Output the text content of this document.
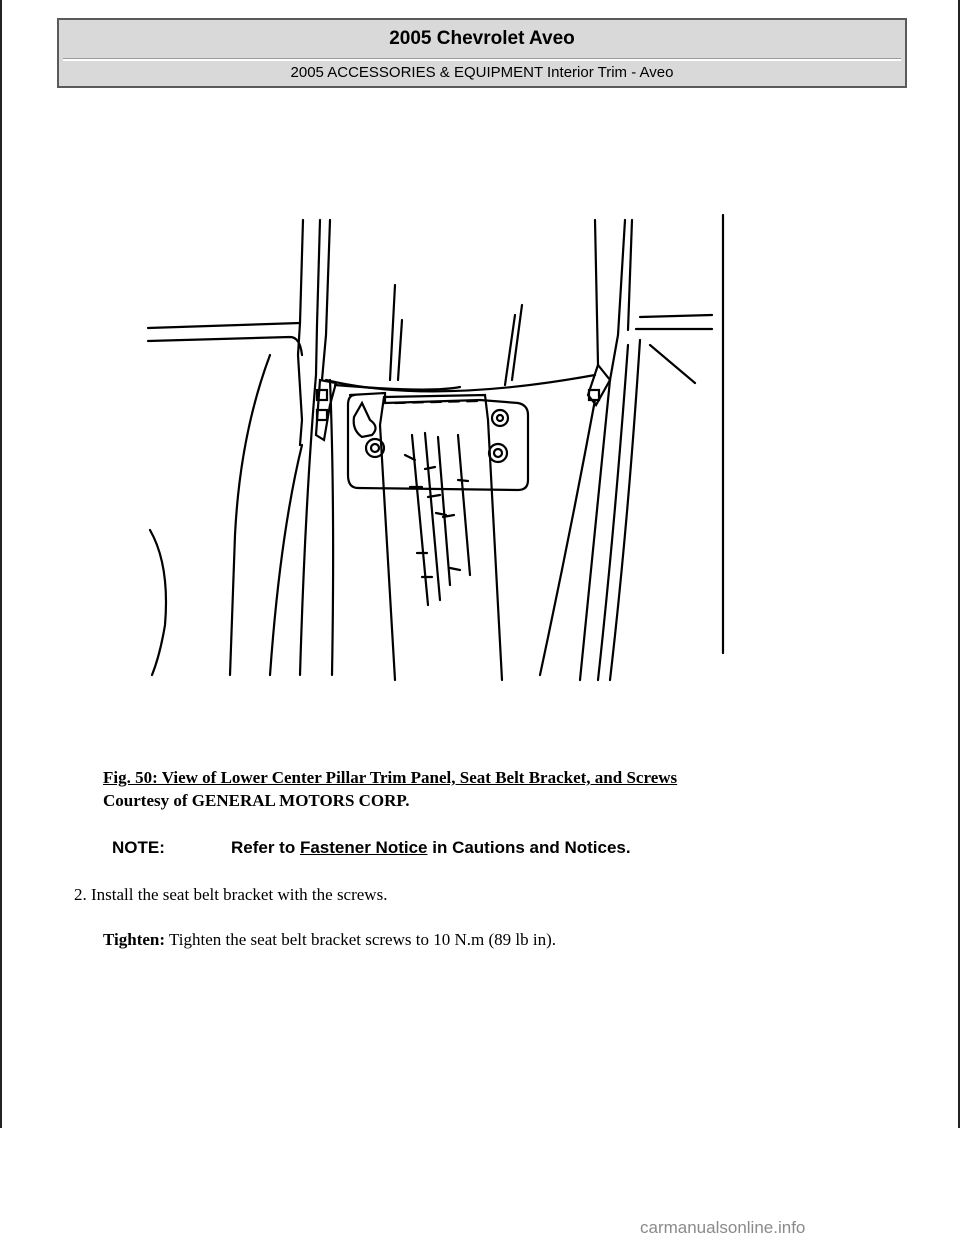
2005 Chevrolet Aveo
2005 ACCESSORIES & EQUIPMENT Interior Trim - Aveo
Fig. 50: View of Lower Center Pillar Trim Panel, Seat Belt Bracket, and Screws
Courtesy of GENERAL MOTORS CORP.
NOTE:	Refer to Fastener Notice in Cautions and Notices.
2. Install the seat belt bracket with the screws.
Tighten: Tighten the seat belt bracket screws to 10 N.m (89 lb in).
carmanualsonline.info
